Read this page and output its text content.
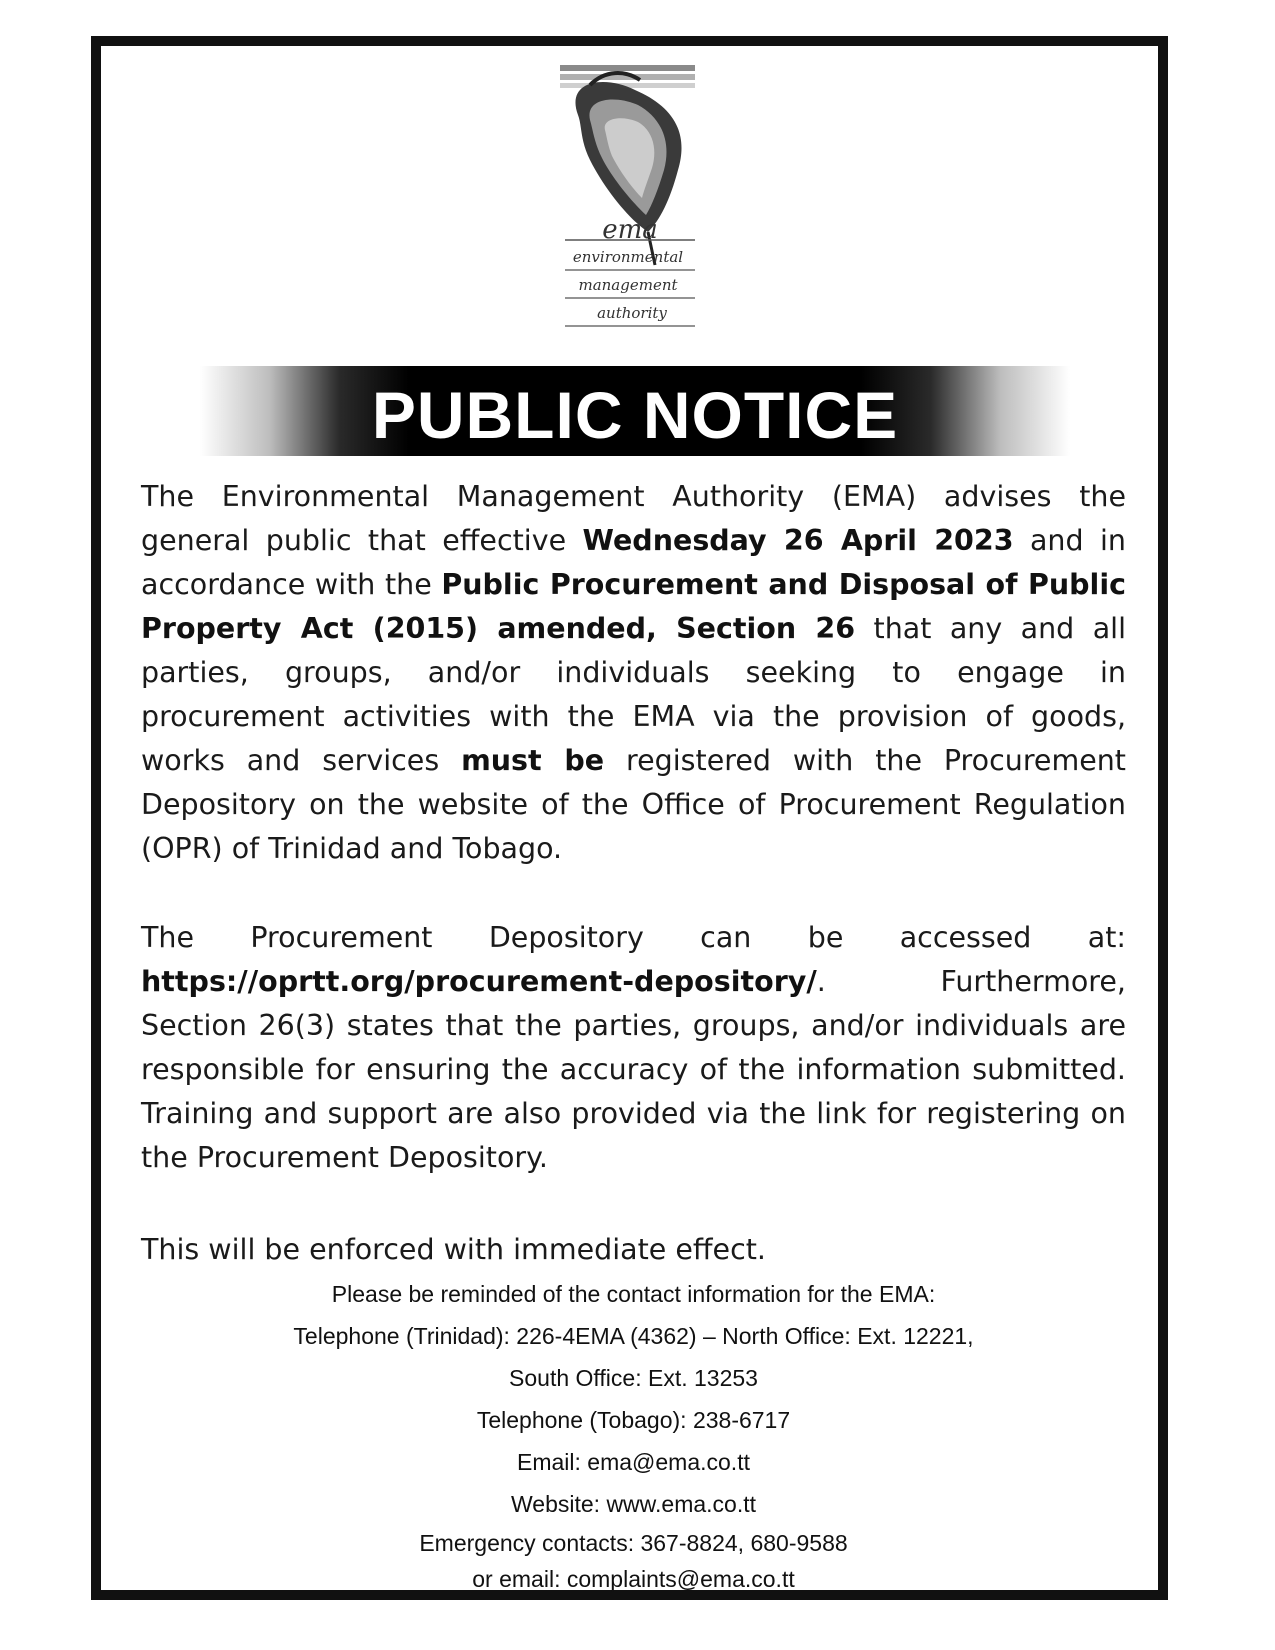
ema
environmental
management
authority
PUBLIC NOTICE
The Environmental Management Authority (EMA) advises the general public that effective Wednesday 26 April 2023 and in accordance with the Public Procurement and Disposal of Public Property Act (2015) amended, Section 26 that any and all parties, groups, and/or individuals seeking to engage in procurement activities with the EMA via the provision of goods, works and services must be registered with the Procurement Depository on the website of the Office of Procurement Regulation (OPR) of Trinidad and Tobago.
The Procurement Depository can be accessed at:
https://oprtt.org/procurement-depository/.	Furthermore,
Section 26(3) states that the parties, groups, and/or individuals are responsible for ensuring the accuracy of the information submitted. Training and support are also provided via the link for registering on the Procurement Depository.
This will be enforced with immediate effect.
Please be reminded of the contact information for the EMA:
Telephone (Trinidad): 226-4EMA (4362) – North Office: Ext. 12221,
South Office: Ext. 13253
Telephone (Tobago): 238-6717
Email: ema@ema.co.tt
Website: www.ema.co.tt
Emergency contacts: 367-8824, 680-9588
or email: complaints@ema.co.tt
